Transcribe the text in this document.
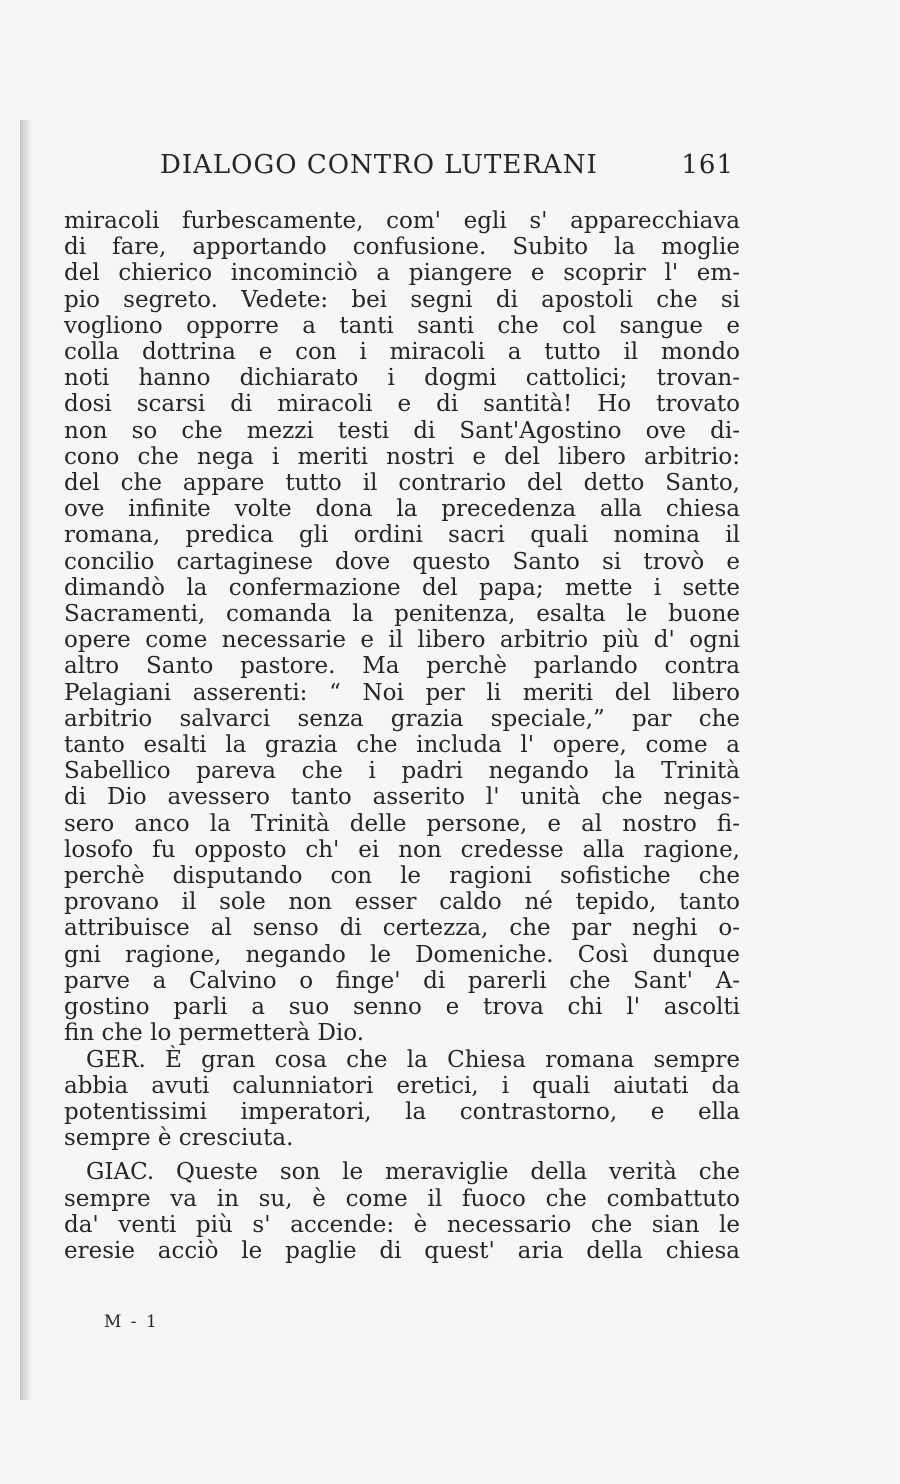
DIALOGO CONTRO LUTERANI	161
miracoli furbescamente, com' egli s' apparecchiava
di fare, apportando confusione. Subito la moglie
del chierico incominciò a piangere e scoprir l' em-
pio segreto. Vedete: bei segni di apostoli che si
vogliono opporre a tanti santi che col sangue e
colla dottrina e con i miracoli a tutto il mondo
noti hanno dichiarato i dogmi cattolici; trovan-
dosi scarsi di miracoli e di santità! Ho trovato
non so che mezzi testi di Sant'Agostino ove di-
cono che nega i meriti nostri e del libero arbitrio:
del che appare tutto il contrario del detto Santo,
ove infinite volte dona la precedenza alla chiesa
romana, predica gli ordini sacri quali nomina il
concilio cartaginese dove questo Santo si trovò e
dimandò la confermazione del papa; mette i sette
Sacramenti, comanda la penitenza, esalta le buone
opere come necessarie e il libero arbitrio più d' ogni
altro Santo pastore. Ma perchè parlando contra
Pelagiani asserenti: “ Noi per li meriti del libero
arbitrio salvarci senza grazia speciale,” par che
tanto esalti la grazia che includa l' opere, come a
Sabellico pareva che i padri negando la Trinità
di Dio avessero tanto asserito l' unità che negas-
sero anco la Trinità delle persone, e al nostro fi-
losofo fu opposto ch' ei non credesse alla ragione,
perchè disputando con le ragioni sofistiche che
provano il sole non esser caldo né tepido, tanto
attribuisce al senso di certezza, che par neghi o-
gni ragione, negando le Domeniche. Così dunque
parve a Calvino o finge' di parerli che Sant' A-
gostino parli a suo senno e trova chi l' ascolti
fin che lo permetterà Dio.
GER. È gran cosa che la Chiesa romana sempre
abbia avuti calunniatori eretici, i quali aiutati da
potentissimi imperatori, la contrastorno, e ella
sempre è cresciuta.
GIAC. Queste son le meraviglie della verità che
sempre va in su, è come il fuoco che combattuto
da' venti più s' accende: è necessario che sian le
eresie acciò le paglie di quest' aria della chiesa
M - 1
